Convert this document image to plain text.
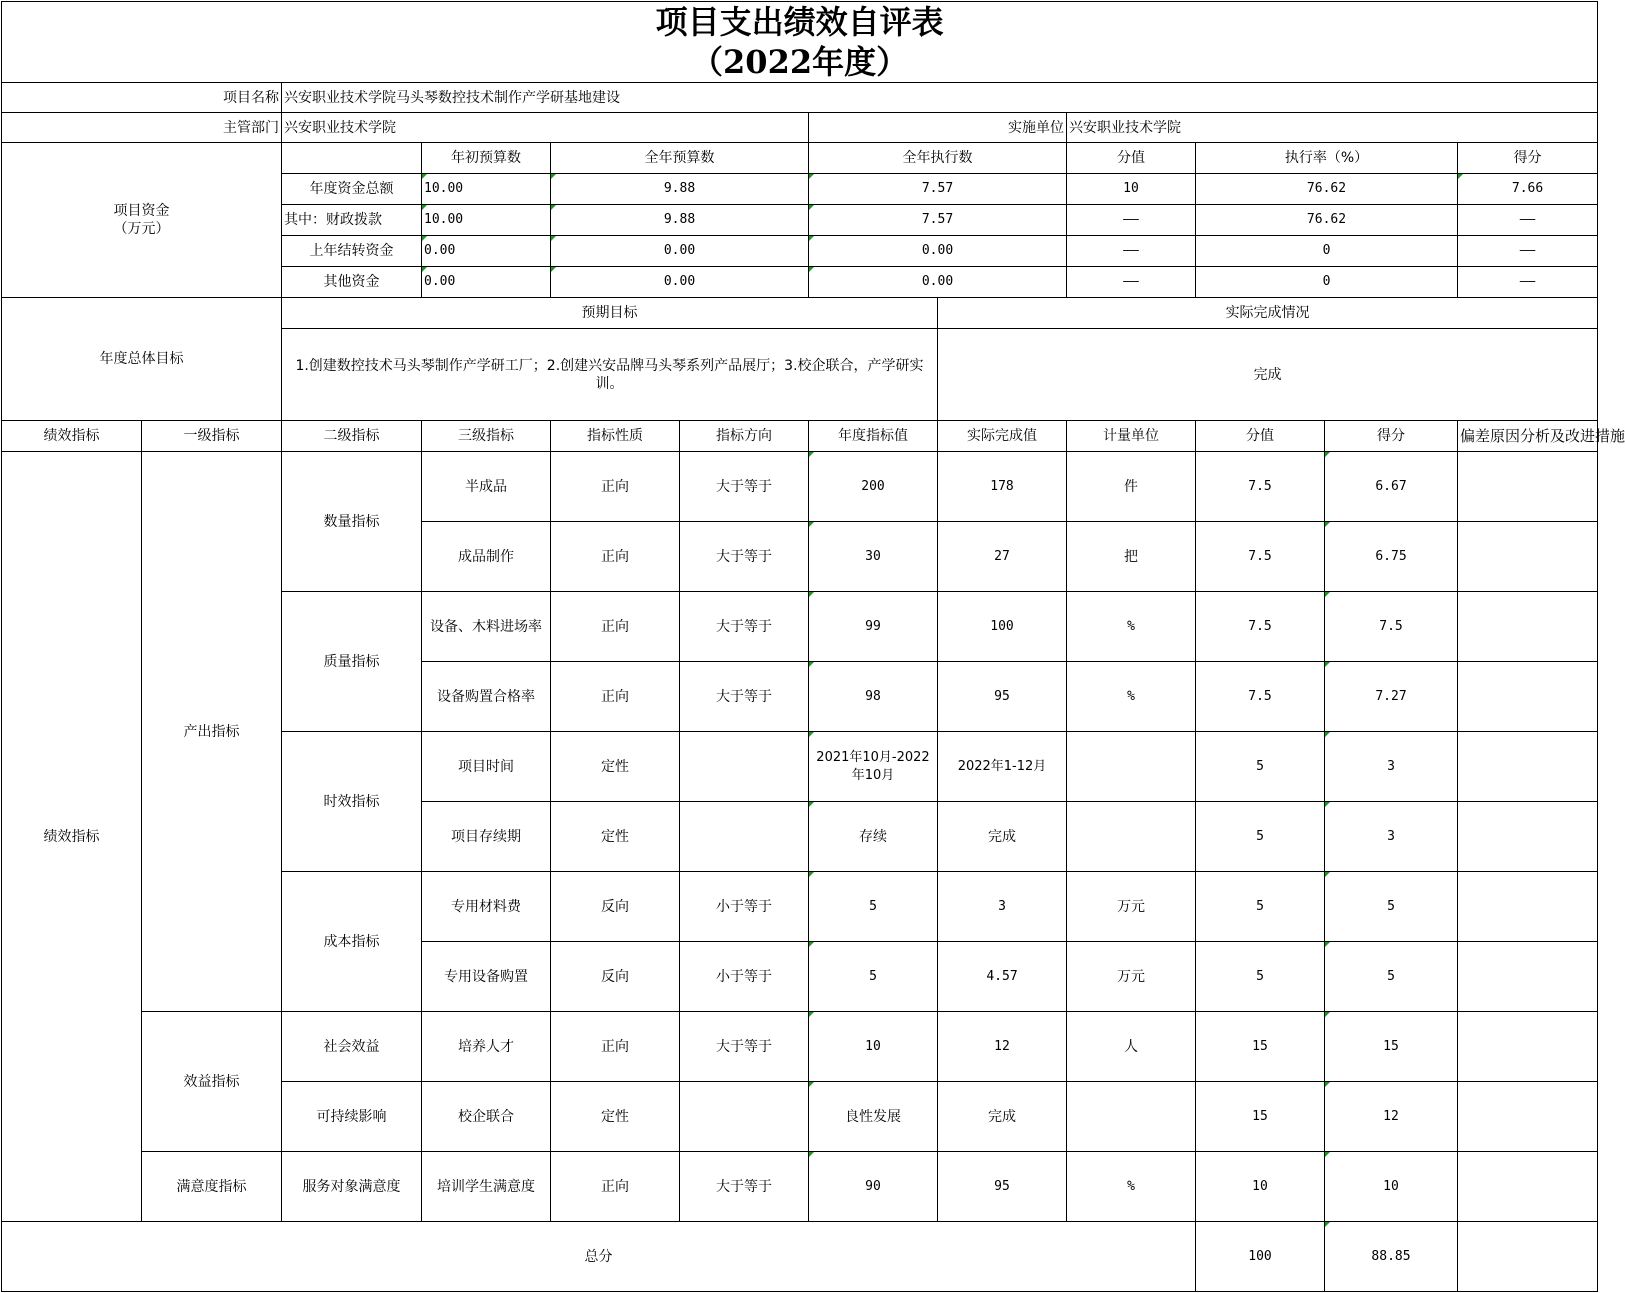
项目支出绩效自评表
（2022年度）											

项目名称		兴安职业技术学院马头琴数控技术制作产学研基地建设									
主管部门		兴安职业技术学院				实施单位		兴安职业技术学院			
项目资金
（万元）			年初预算数	全年预算数		全年执行数		分值	执行率（%）		得分
		年度资金总额	10.00	9.88		7.57		10	76.62		7.66
		其中：财政拨款	10.00	9.88		7.57		——	76.62		——
		上年结转资金	0.00	0.00		0.00		——	0		——
		其他资金	0.00	0.00		0.00		——	0		——
年度总体目标		预期目标					实际完成情况				
		1.创建数控技术马头琴制作产学研工厂；2.创建兴安品牌马头琴系列产品展厅；3.校企联合，产学研实训。					完成				
绩效指标	一级指标	二级指标	三级指标	指标性质	指标方向	年度指标值	实际完成值	计量单位	分值	得分	偏差原因分析及改进措施
绩效指标	产出指标	数量指标	半成品	正向	大于等于	200	178	件	7.5	6.67	
			成品制作	正向	大于等于	30	27	把	7.5	6.75	
		质量指标	设备、木料进场率	正向	大于等于	99	100	%	7.5	7.5	
			设备购置合格率	正向	大于等于	98	95	%	7.5	7.27	
		时效指标	项目时间	定性		2021年10月-2022年10月	2022年1-12月		5	3	
			项目存续期	定性		存续	完成		5	3	
		成本指标	专用材料费	反向	小于等于	5	3	万元	5	5	
			专用设备购置	反向	小于等于	5	4.57	万元	5	5	
	效益指标	社会效益	培养人才	正向	大于等于	10	12	人	15	15	
		可持续影响	校企联合	定性		良性发展	完成		15	12	
	满意度指标	服务对象满意度	培训学生满意度	正向	大于等于	90	95	%	10	10	
总分									100	88.85	
